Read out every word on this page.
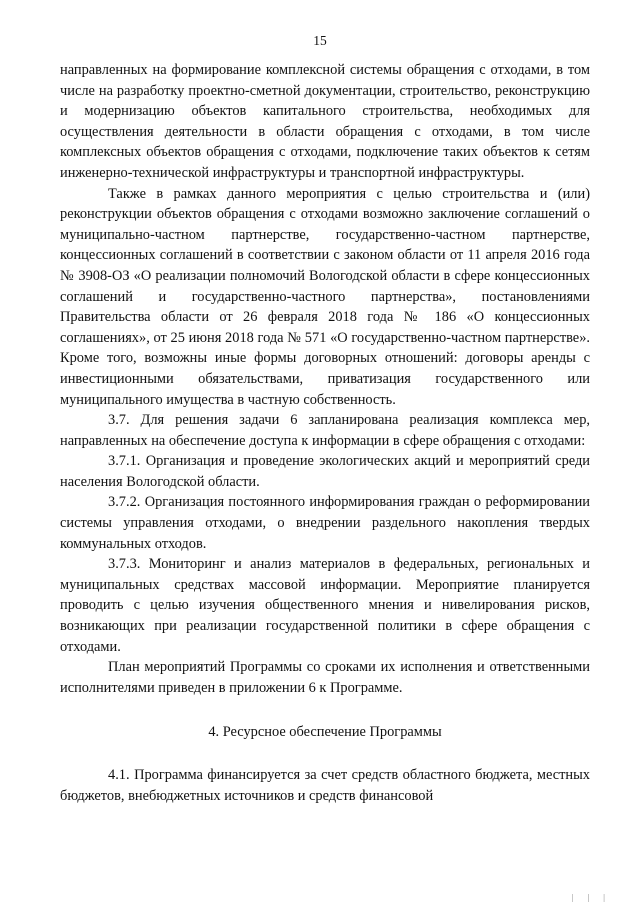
15

направленных на формирование комплексной системы обращения с отходами, в том числе на разработку проектно-сметной документации, строительство, реконструкцию и модернизацию объектов капитального строительства, необходимых для осуществления деятельности в области обращения с отходами, в том числе комплексных объектов обращения с отходами, подключение таких объектов к сетям инженерно-технической инфраструктуры и транспортной инфраструктуры.

Также в рамках данного мероприятия с целью строительства и (или) реконструкции объектов обращения с отходами возможно заключение соглашений о муниципально-частном партнерстве, государственно-частном партнерстве, концессионных соглашений в соответствии с законом области от 11 апреля 2016 года № 3908-ОЗ «О реализации полномочий Вологодской области в сфере концессионных соглашений и государственно-частного партнерства», постановлениями Правительства области от 26 февраля 2018 года № 186 «О концессионных соглашениях», от 25 июня 2018 года № 571 «О государственно-частном партнерстве». Кроме того, возможны иные формы договорных отношений: договоры аренды с инвестиционными обязательствами, приватизация государственного или муниципального имущества в частную собственность.

3.7. Для решения задачи 6 запланирована реализация комплекса мер, направленных на обеспечение доступа к информации в сфере обращения с отходами:

3.7.1. Организация и проведение экологических акций и мероприятий среди населения Вологодской области.

3.7.2. Организация постоянного информирования граждан о реформировании системы управления отходами, о внедрении раздельного накопления твердых коммунальных отходов.

3.7.3. Мониторинг и анализ материалов в федеральных, региональных и муниципальных средствах массовой информации. Мероприятие планируется проводить с целью изучения общественного мнения и нивелирования рисков, возникающих при реализации государственной политики в сфере обращения с отходами.

План мероприятий Программы со сроками их исполнения и ответственными исполнителями приведен в приложении 6 к Программе.

4. Ресурсное обеспечение Программы

4.1. Программа финансируется за счет средств областного бюджета, местных бюджетов, внебюджетных источников и средств финансовой

| | |
